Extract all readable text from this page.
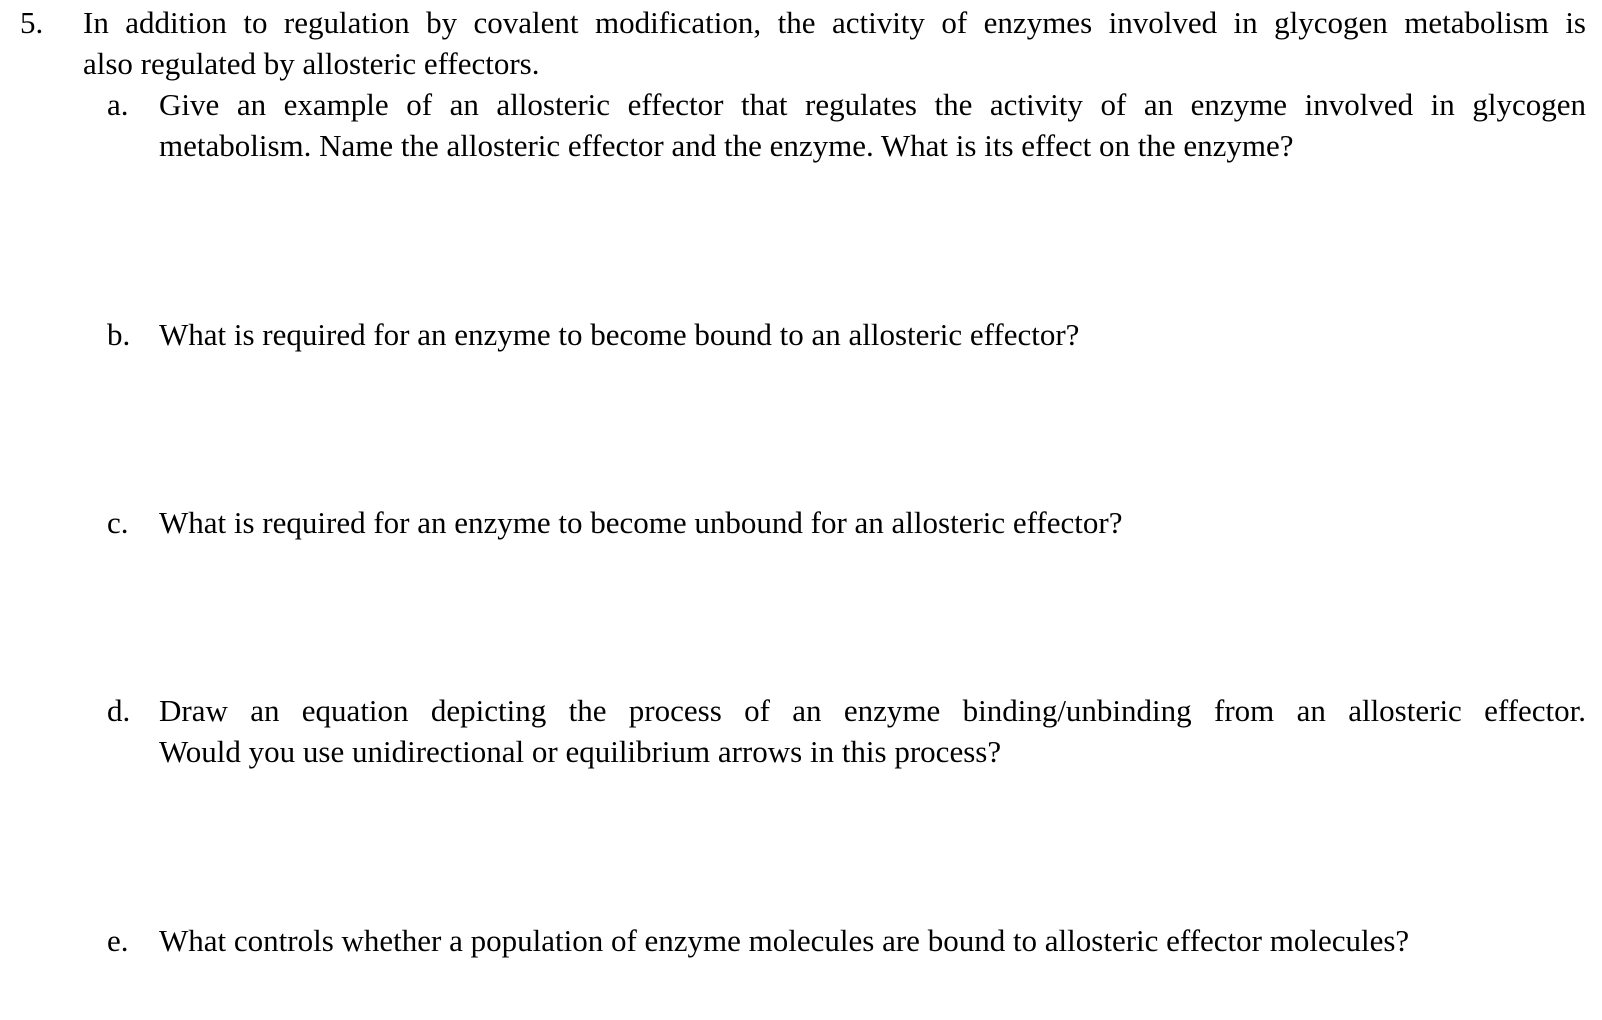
5.	In addition to regulation by covalent modification, the activity of enzymes involved in glycogen metabolism is
also regulated by allosteric effectors.
a. Give an example of an allosteric effector that regulates the activity of an enzyme involved in glycogen
metabolism. Name the allosteric effector and the enzyme. What is its effect on the enzyme?
b. What is required for an enzyme to become bound to an allosteric effector?
c. What is required for an enzyme to become unbound for an allosteric effector?
d. Draw an equation depicting the process of an enzyme binding/unbinding from an allosteric effector.
Would you use unidirectional or equilibrium arrows in this process?
e. What controls whether a population of enzyme molecules are bound to allosteric effector molecules?
